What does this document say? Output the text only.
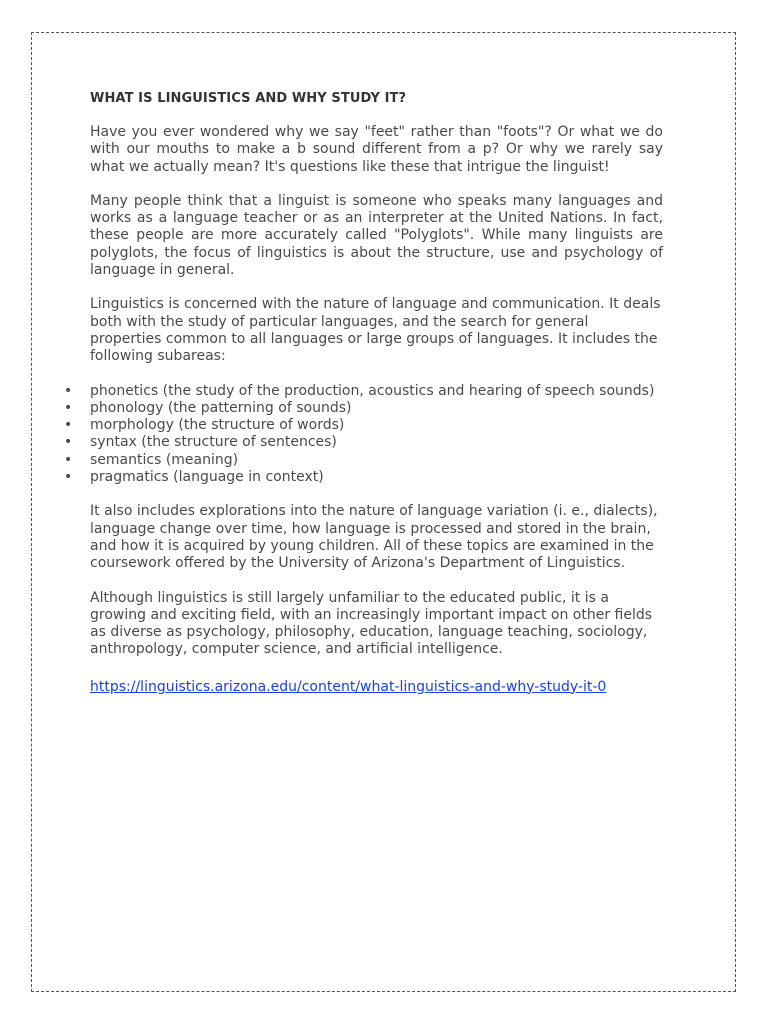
WHAT IS LINGUISTICS AND WHY STUDY IT?

Have you ever wondered why we say "feet" rather than "foots"? Or what we do with our mouths to make a b sound different from a p? Or why we rarely say what we actually mean? It's questions like these that intrigue the linguist!

Many people think that a linguist is someone who speaks many languages and works as a language teacher or as an interpreter at the United Nations. In fact, these people are more accurately called "Polyglots". While many linguists are polyglots, the focus of linguistics is about the structure, use and psychology of language in general.

Linguistics is concerned with the nature of language and communication. It deals both with the study of particular languages, and the search for general properties common to all languages or large groups of languages. It includes the following subareas:

• phonetics (the study of the production, acoustics and hearing of speech sounds)
• phonology (the patterning of sounds)
• morphology (the structure of words)
• syntax (the structure of sentences)
• semantics (meaning)
• pragmatics (language in context)

It also includes explorations into the nature of language variation (i. e., dialects), language change over time, how language is processed and stored in the brain, and how it is acquired by young children. All of these topics are examined in the coursework offered by the University of Arizona's Department of Linguistics.

Although linguistics is still largely unfamiliar to the educated public, it is a growing and exciting field, with an increasingly important impact on other fields as diverse as psychology, philosophy, education, language teaching, sociology, anthropology, computer science, and artificial intelligence.

https://linguistics.arizona.edu/content/what-linguistics-and-why-study-it-0
